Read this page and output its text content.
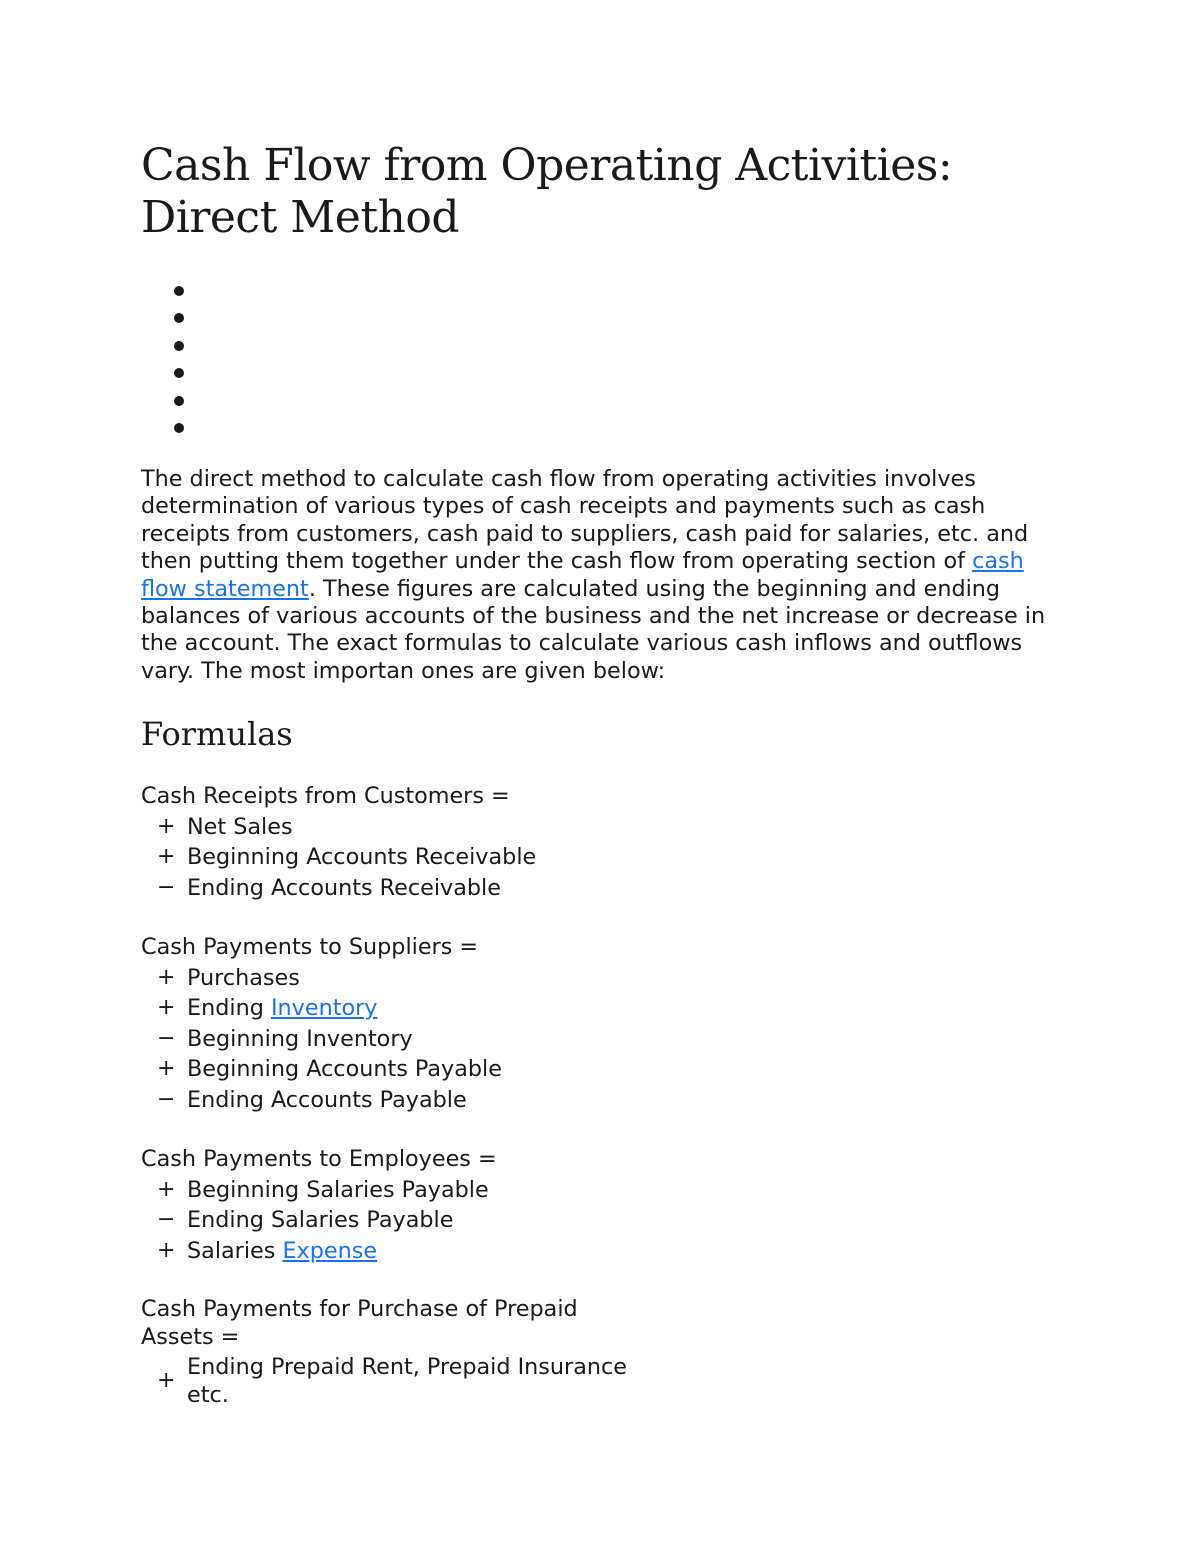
Cash Flow from Operating Activities: Direct Method

The direct method to calculate cash flow from operating activities involves determination of various types of cash receipts and payments such as cash receipts from customers, cash paid to suppliers, cash paid for salaries, etc. and then putting them together under the cash flow from operating section of cash flow statement. These figures are calculated using the beginning and ending balances of various accounts of the business and the net increase or decrease in the account. The exact formulas to calculate various cash inflows and outflows vary. The most importan ones are given below:

Formulas
Cash Receipts from Customers =
+ Net Sales
+ Beginning Accounts Receivable
− Ending Accounts Receivable
Cash Payments to Suppliers =
+ Purchases
+ Ending Inventory
− Beginning Inventory
+ Beginning Accounts Payable
− Ending Accounts Payable
Cash Payments to Employees =
+ Beginning Salaries Payable
− Ending Salaries Payable
+ Salaries Expense
Cash Payments for Purchase of Prepaid Assets =
+
Ending Prepaid Rent, Prepaid Insurance etc.
